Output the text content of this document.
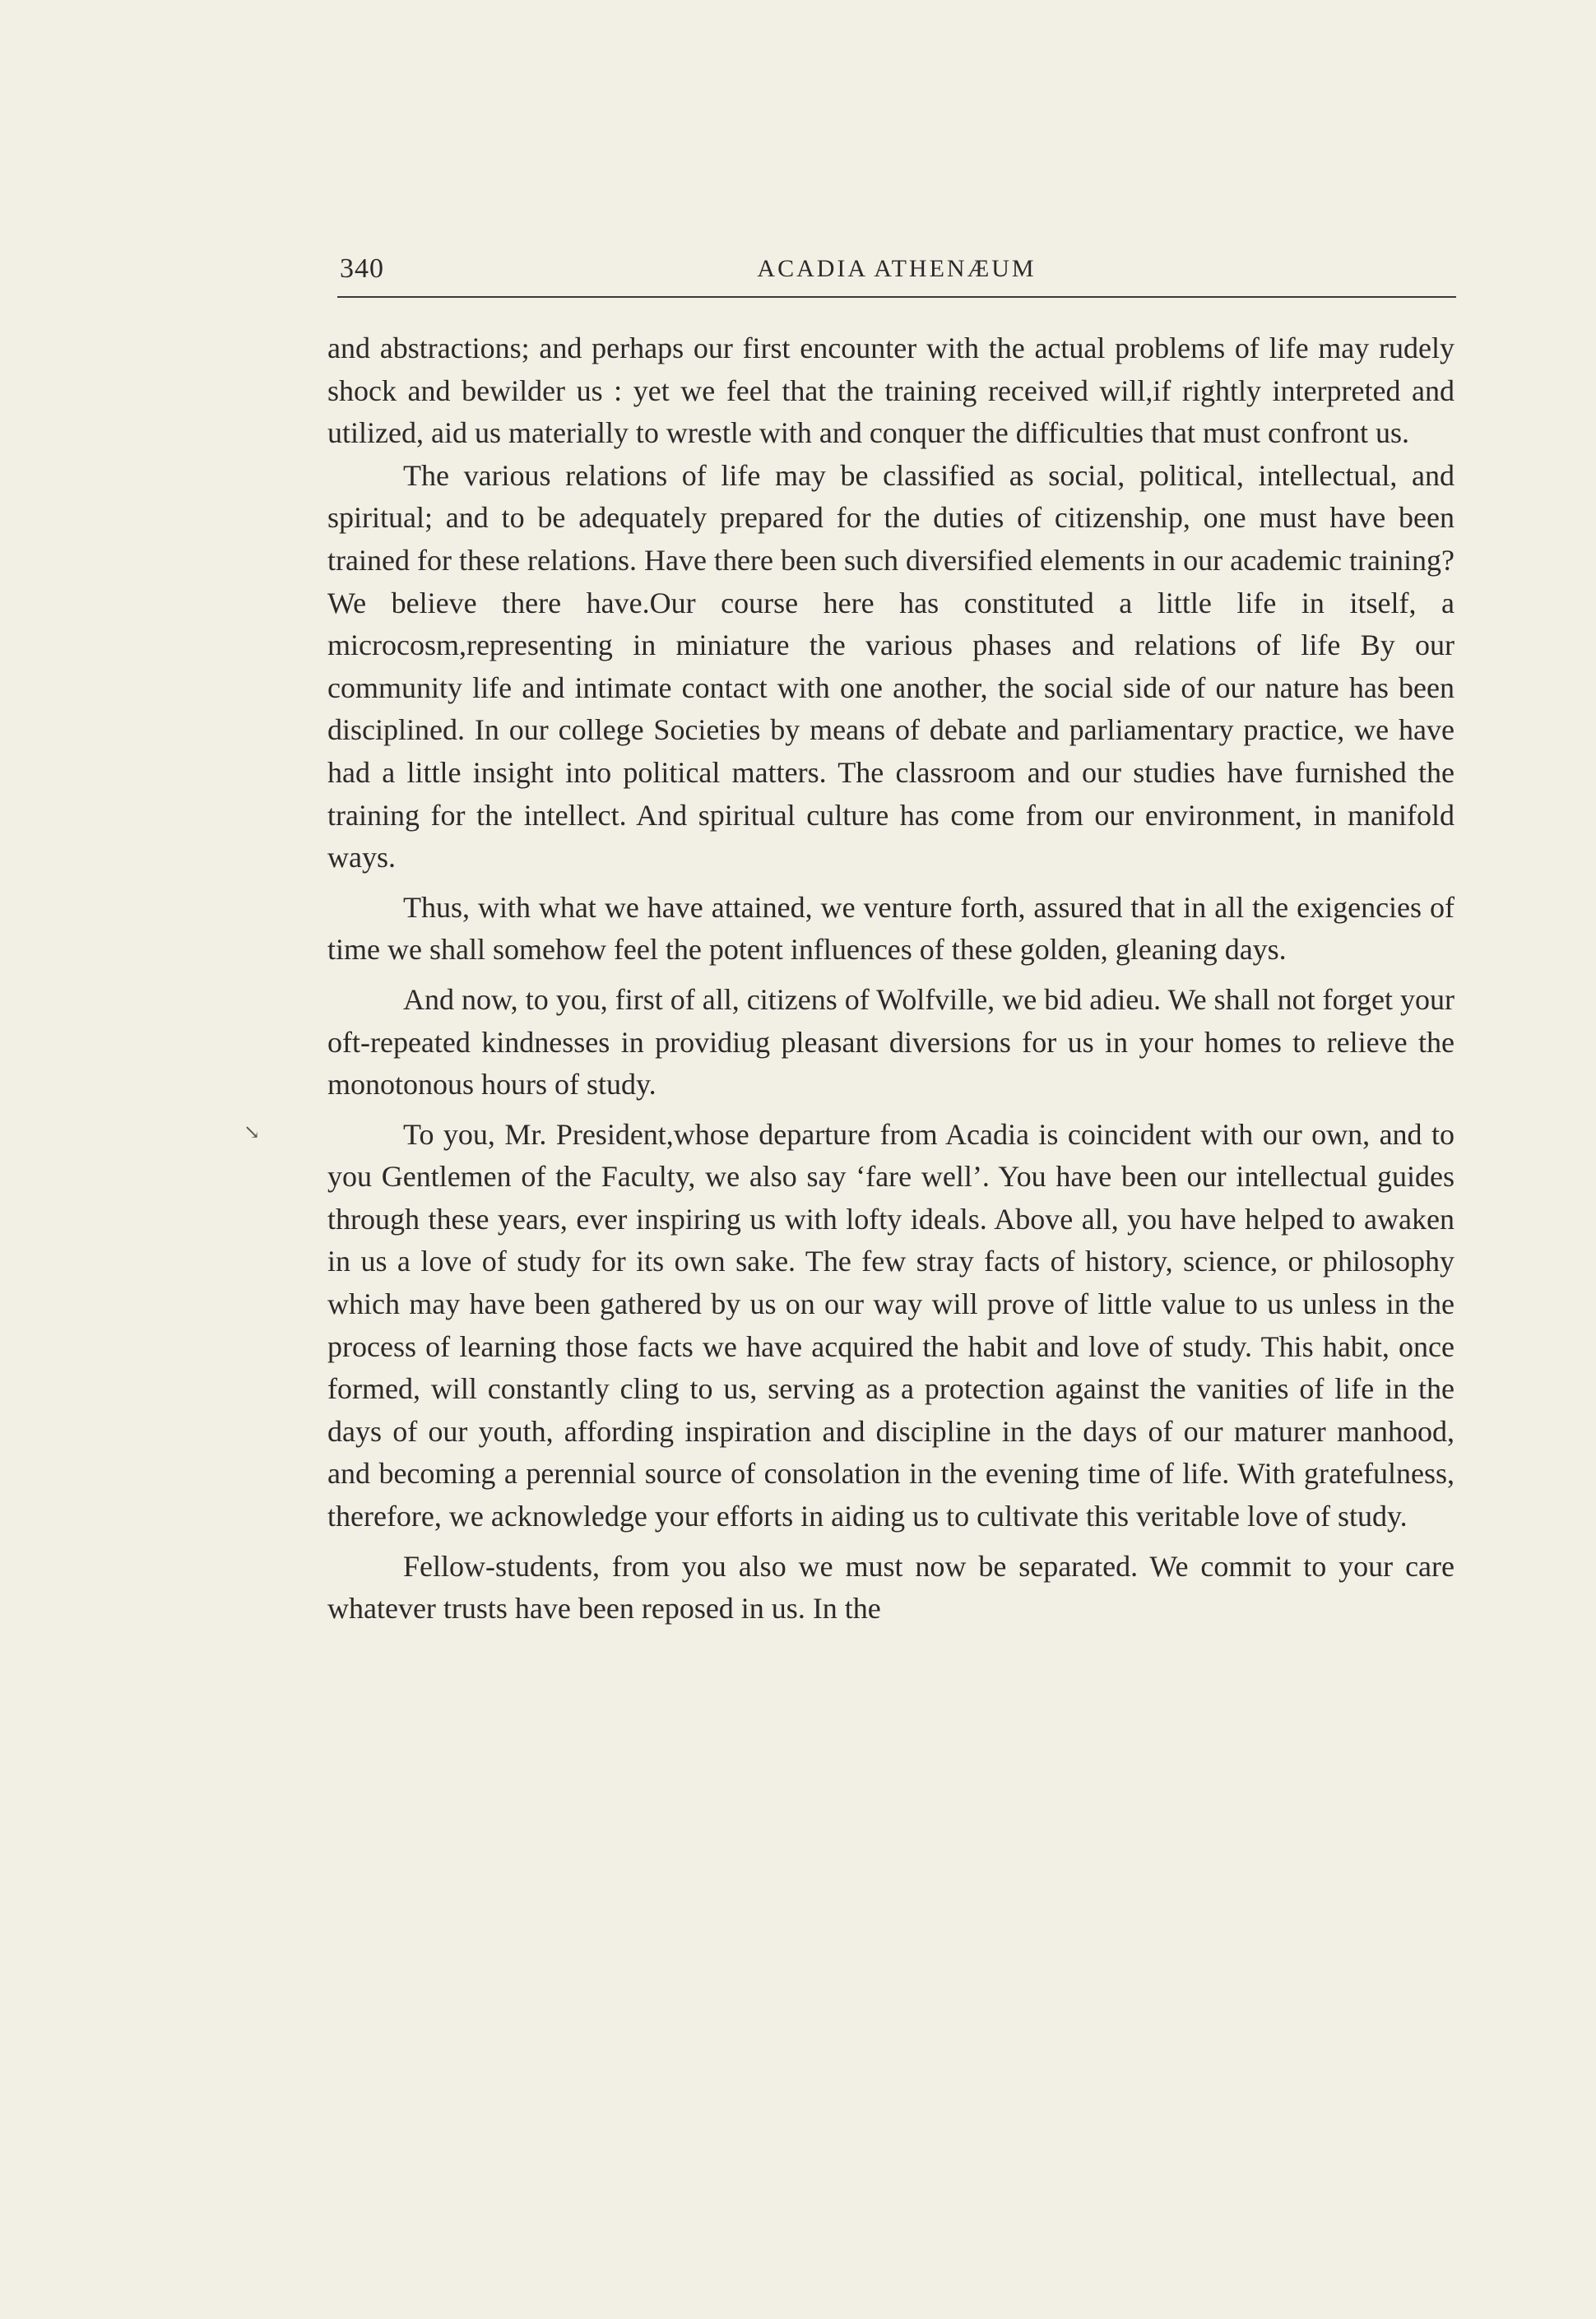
340	ACADIA ATHENÆUM

and abstractions; and perhaps our first encounter with the actual problems of life may rudely shock and bewilder us : yet we feel that the training received will,if rightly interpreted and utilized, aid us materially to wrestle with and conquer the difficulties that must confront us.

The various relations of life may be classified as social, political, intellectual, and spiritual; and to be adequately prepared for the duties of citizenship, one must have been trained for these relations. Have there been such diversified elements in our academic training? We believe there have.Our course here has constituted a little life in itself, a microcosm,representing in miniature the various phases and relations of life By our community life and intimate contact with one another, the social side of our nature has been disciplined. In our college Societies by means of debate and parliamentary practice, we have had a little insight into political matters. The classroom and our studies have furnished the training for the intellect. And spiritual culture has come from our environment, in manifold ways.

Thus, with what we have attained, we venture forth, assured that in all the exigencies of time we shall somehow feel the potent influences of these golden, gleaning days.

And now, to you, first of all, citizens of Wolfville, we bid adieu. We shall not forget your oft-repeated kindnesses in providiug pleasant diversions for us in your homes to relieve the monotonous hours of study.

To you, Mr. President,whose departure from Acadia is coincident with our own, and to you Gentlemen of the Faculty, we also say ‘fare well’. You have been our intellectual guides through these years, ever inspiring us with lofty ideals. Above all, you have helped to awaken in us a love of study for its own sake. The few stray facts of history, science, or philosophy which may have been gathered by us on our way will prove of little value to us unless in the process of learning those facts we have acquired the habit and love of study. This habit, once formed, will constantly cling to us, serving as a protection against the vanities of life in the days of our youth, affording inspiration and discipline in the days of our maturer manhood, and becoming a perennial source of consolation in the evening time of life. With gratefulness, therefore, we acknowledge your efforts in aiding us to cultivate this veritable love of study.

Fellow-students, from you also we must now be separated. We commit to your care whatever trusts have been reposed in us. In the

↘
